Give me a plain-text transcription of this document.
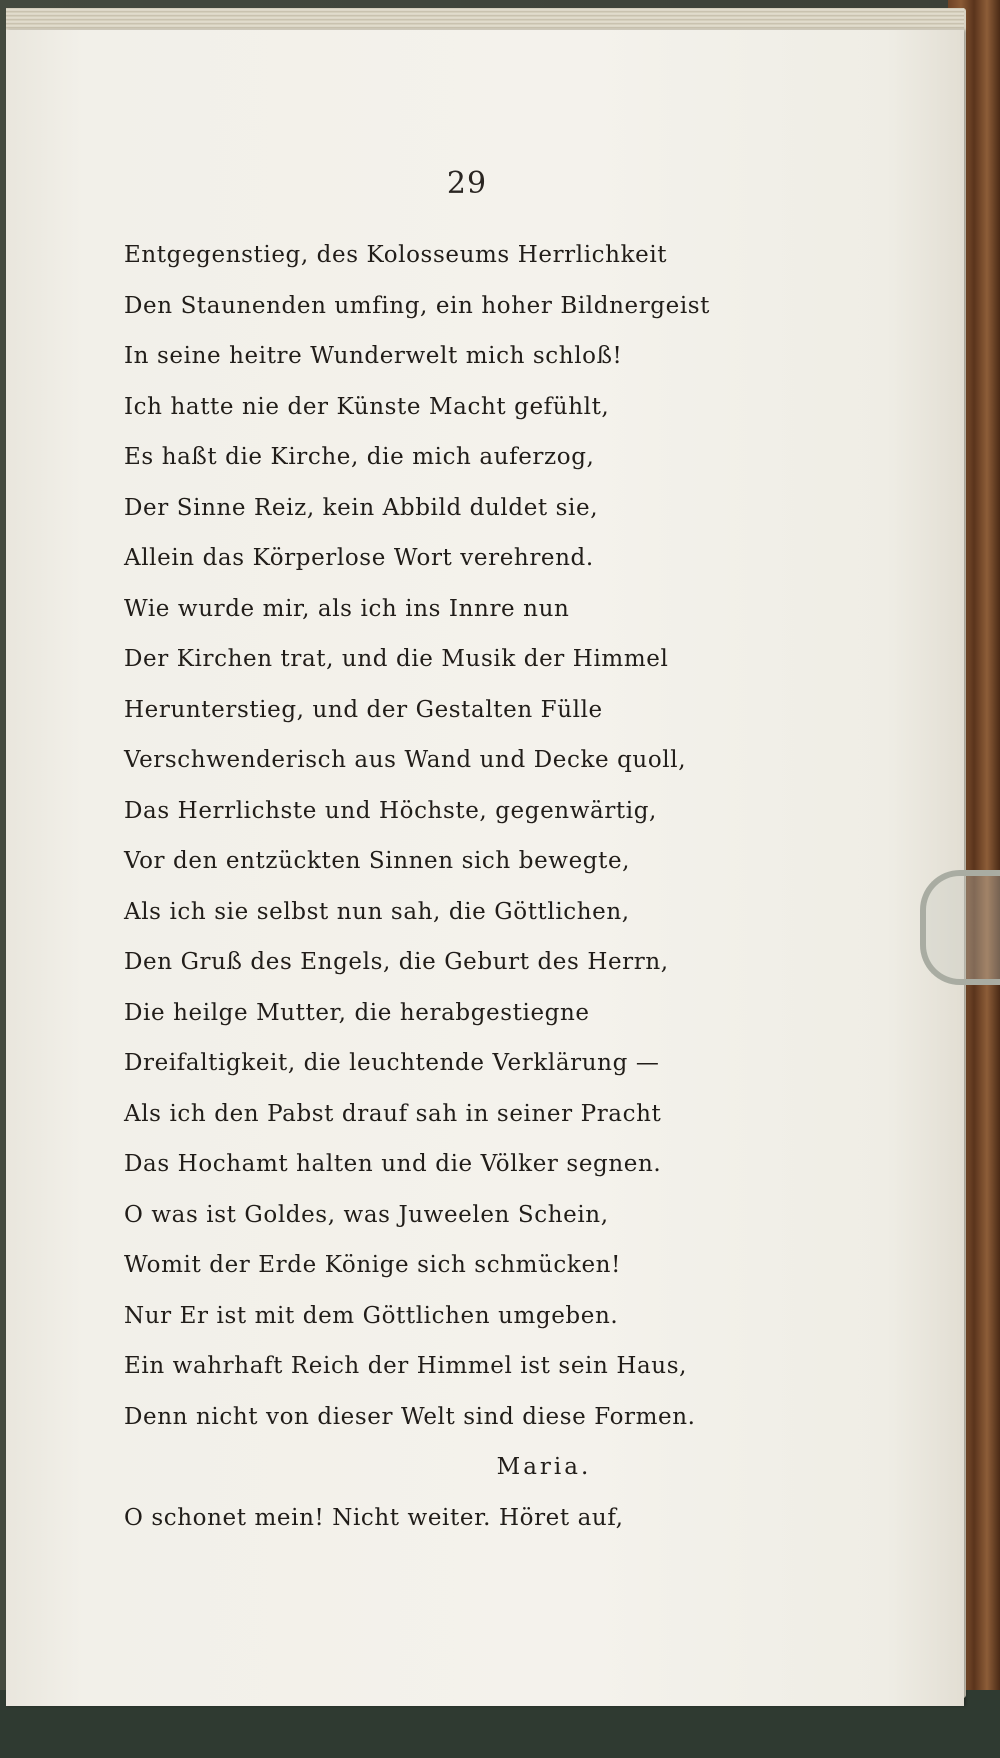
29
Entgegenstieg, des Kolosseums Herrlichkeit
Den Staunenden umfing, ein hoher Bildnergeist
In seine heitre Wunderwelt mich schloß!
Ich hatte nie der Künste Macht gefühlt,
Es haßt die Kirche, die mich auferzog,
Der Sinne Reiz, kein Abbild duldet sie,
Allein das Körperlose Wort verehrend.
Wie wurde mir, als ich ins Innre nun
Der Kirchen trat, und die Musik der Himmel
Herunterstieg, und der Gestalten Fülle
Verschwenderisch aus Wand und Decke quoll,
Das Herrlichste und Höchste, gegenwärtig,
Vor den entzückten Sinnen sich bewegte,
Als ich sie selbst nun sah, die Göttlichen,
Den Gruß des Engels, die Geburt des Herrn,
Die heilge Mutter, die herabgestiegne
Dreifaltigkeit, die leuchtende Verklärung —
Als ich den Pabst drauf sah in seiner Pracht
Das Hochamt halten und die Völker segnen.
O was ist Goldes, was Juweelen Schein,
Womit der Erde Könige sich schmücken!
Nur Er ist mit dem Göttlichen umgeben.
Ein wahrhaft Reich der Himmel ist sein Haus,
Denn nicht von dieser Welt sind diese Formen.
Maria.
O schonet mein! Nicht weiter. Höret auf,
